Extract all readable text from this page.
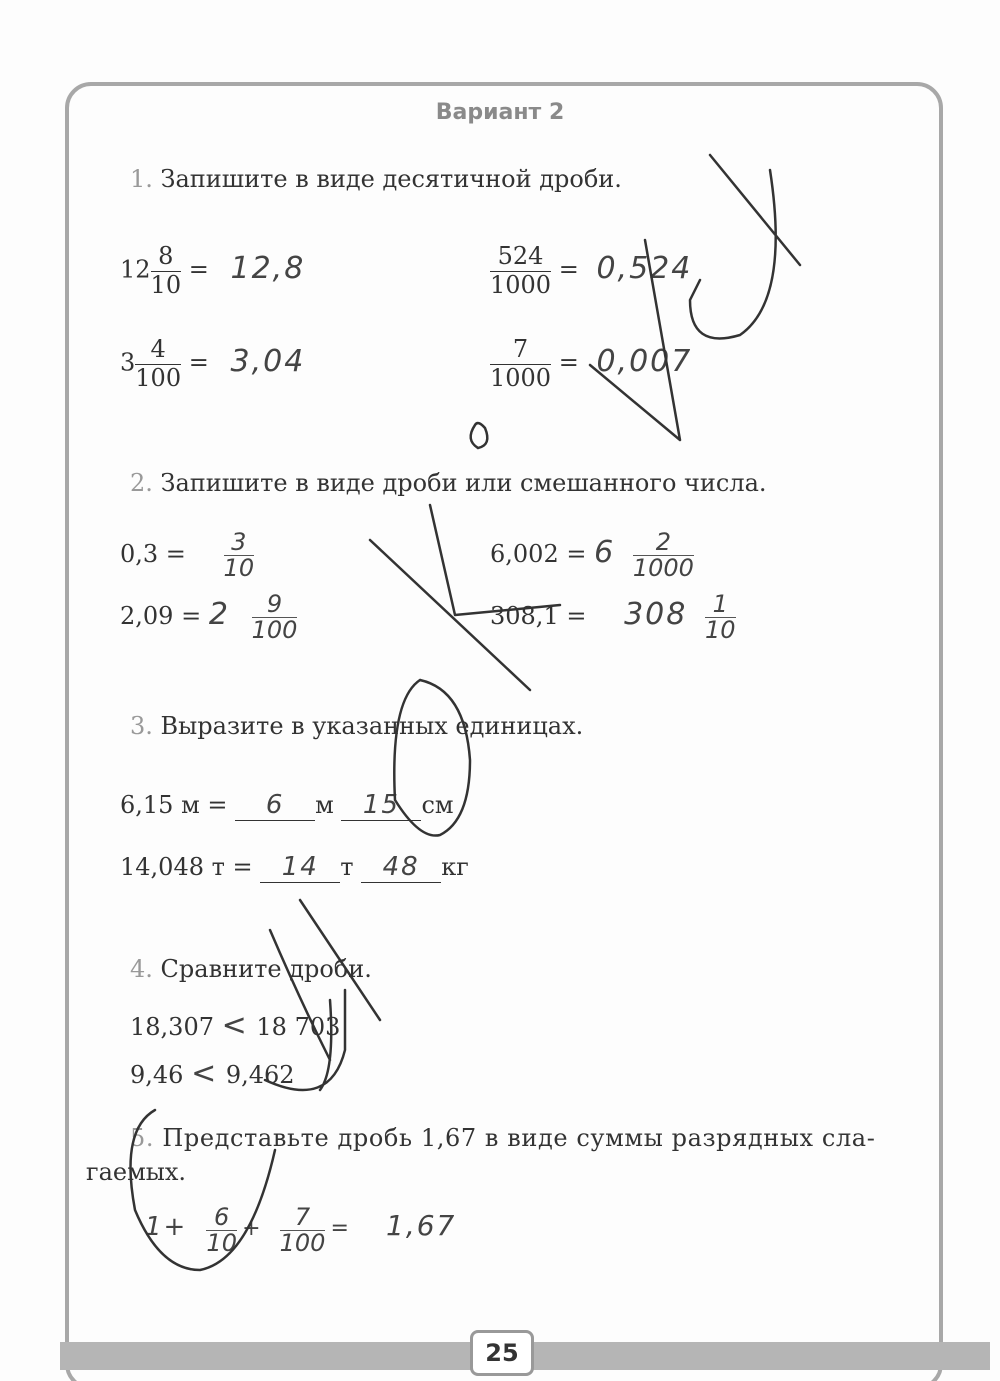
Вариант 2
1. Запишите в виде десятичной дроби.
$12 \frac{8}{10} = 12,8$	$\frac{524}{1000} = 0,524$
$3 \frac{4}{100} = 3,04$	$\frac{7}{1000} = 0,007$
2. Запишите в виде дроби или смешанного числа.
$0,3 = \frac{3}{10}$	$6,002 = 6 \frac{2}{1000}$
$2,09 = 2 \frac{9}{100}$	$308,1 = 308 \frac{1}{10}$
3. Выразите в указанных единицах.
6,15 м = 6 м 15 см
14,048 т = 14 т 48 кг
4. Сравните дроби.
18,307 < 18 703
9,46 < 9,462
5. Представьте дробь 1,67 в виде суммы разрядных сла-
гаемых.
$1+ \frac{6}{10} + \frac{7}{100} = 1,67$
25
